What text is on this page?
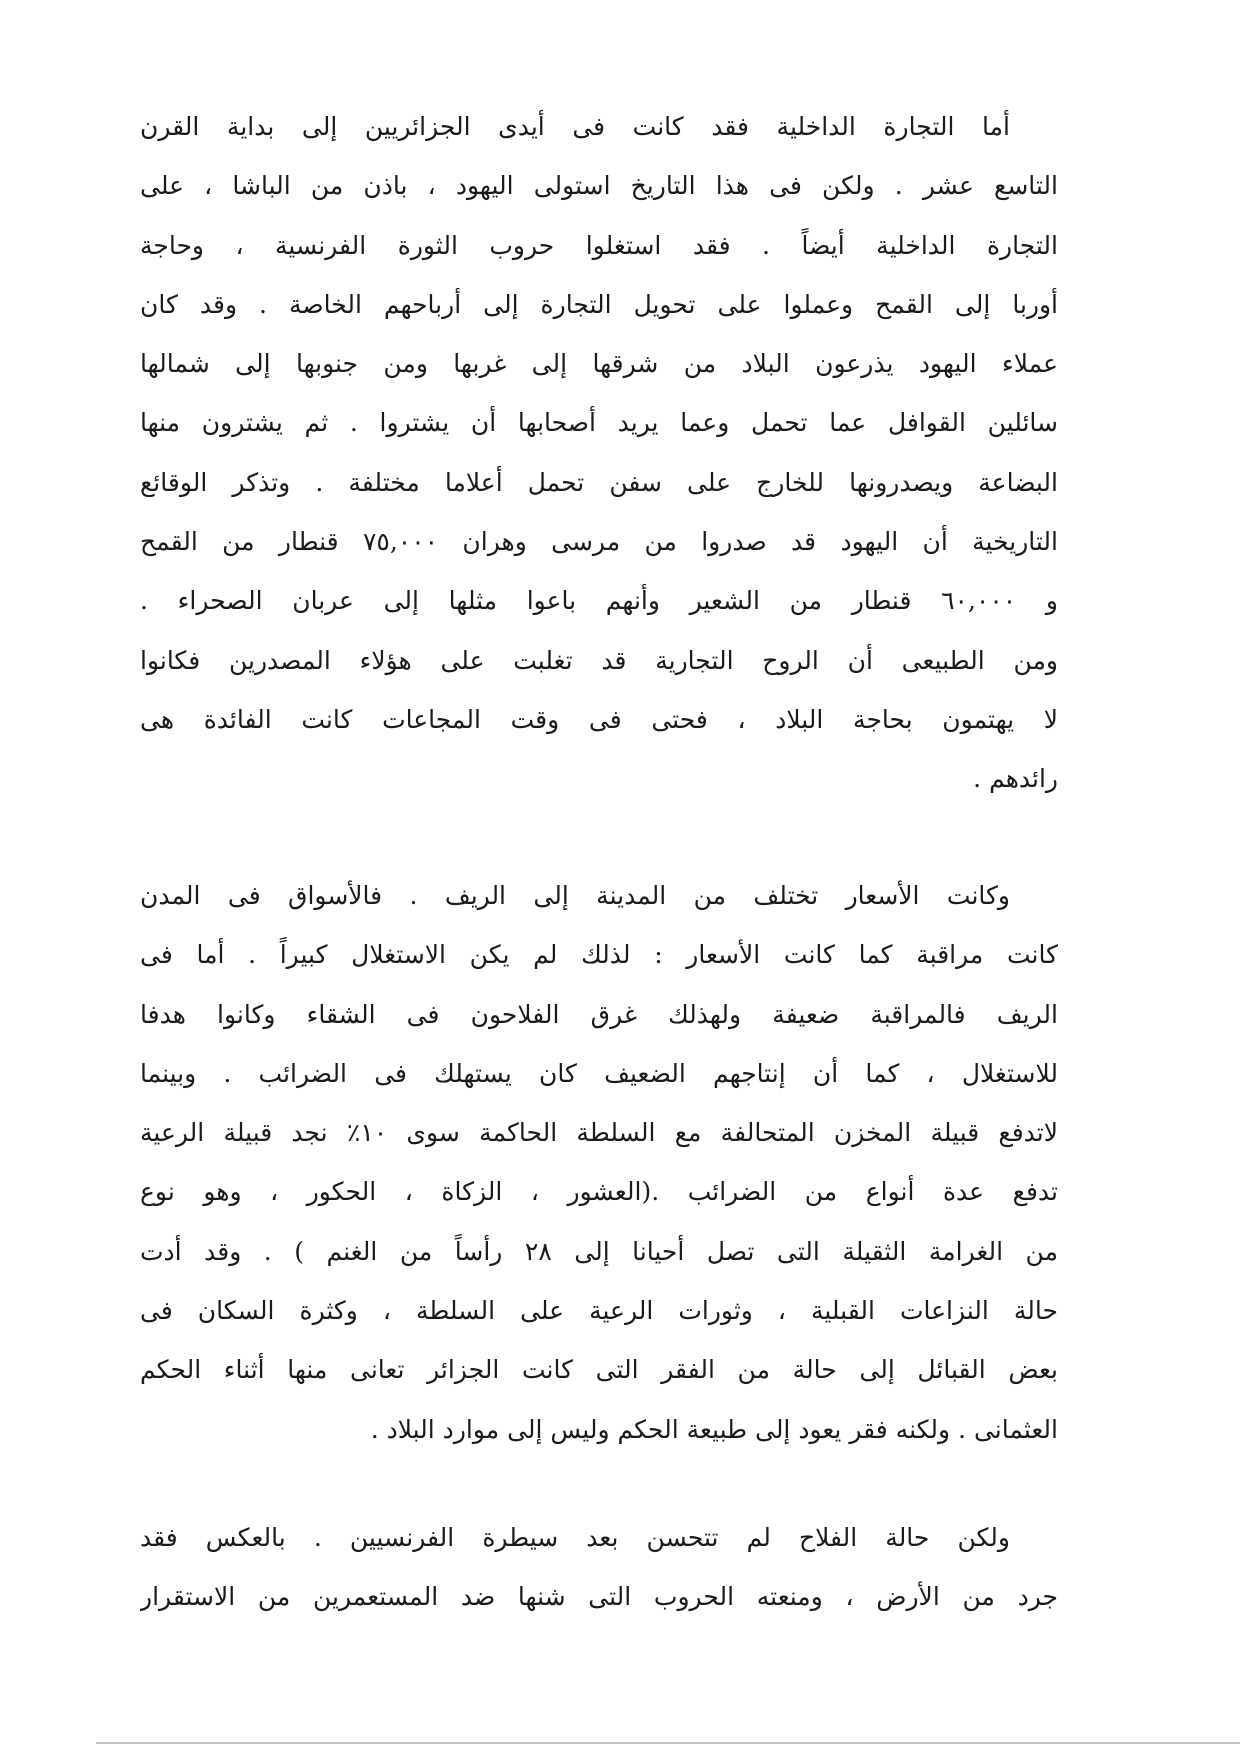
أما التجارة الداخلية فقد كانت فى أيدى الجزائريين إلى بداية القرن
التاسع عشر . ولكن فى هذا التاريخ استولى اليهود ، باذن من الباشا ، على
التجارة الداخلية أيضاً . فقد استغلوا حروب الثورة الفرنسية ، وحاجة
أوربا إلى القمح وعملوا على تحويل التجارة إلى أرباحهم الخاصة . وقد كان
عملاء اليهود يذرعون البلاد من شرقها إلى غربها ومن جنوبها إلى شمالها
سائلين القوافل عما تحمل وعما يريد أصحابها أن يشتروا . ثم يشترون منها
البضاعة ويصدرونها للخارج على سفن تحمل أعلاما مختلفة . وتذكر الوقائع
التاريخية أن اليهود قد صدروا من مرسى وهران ٧٥,٠٠٠ قنطار من القمح
و ٦٠,٠٠٠ قنطار من الشعير وأنهم باعوا مثلها إلى عربان الصحراء .
ومن الطبيعى أن الروح التجارية قد تغلبت على هؤلاء المصدرين فكانوا
لا يهتمون بحاجة البلاد ، فحتى فى وقت المجاعات كانت الفائدة هى
رائدهم .
وكانت الأسعار تختلف من المدينة إلى الريف . فالأسواق فى المدن
كانت مراقبة كما كانت الأسعار : لذلك لم يكن الاستغلال كبيراً . أما فى
الريف فالمراقبة ضعيفة ولهذلك غرق الفلاحون فى الشقاء وكانوا هدفا
للاستغلال ، كما أن إنتاجهم الضعيف كان يستهلك فى الضرائب . وبينما
لاتدفع قبيلة المخزن المتحالفة مع السلطة الحاكمة سوى ١٠٪ نجد قبيلة الرعية
تدفع عدة أنواع من الضرائب .(العشور ، الزكاة ، الحكور ، وهو نوع
من الغرامة الثقيلة التى تصل أحيانا إلى ٢٨ رأساً من الغنم ) . وقد أدت
حالة النزاعات القبلية ، وثورات الرعية على السلطة ، وكثرة السكان فى
بعض القبائل إلى حالة من الفقر التى كانت الجزائر تعانى منها أثناء الحكم
العثمانى . ولكنه فقر يعود إلى طبيعة الحكم وليس إلى موارد البلاد .
ولكن حالة الفلاح لم تتحسن بعد سيطرة الفرنسيين . بالعكس فقد
جرد من الأرض ، ومنعته الحروب التى شنها ضد المستعمرين من الاستقرار
